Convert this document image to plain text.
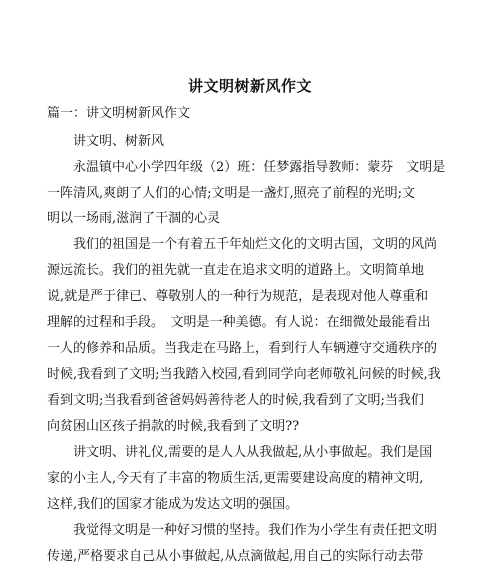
讲文明树新风作文
篇一：讲文明树新风作文
讲文明、树新风
永温镇中心小学四年级（2）班：任梦露指导教师：蒙芬　文明是
一阵清风,爽朗了人们的心情;文明是一盏灯,照亮了前程的光明;文
明以一场雨,滋润了干涸的心灵
我们的祖国是一个有着五千年灿烂文化的文明古国，文明的风尚
源远流长。我们的祖先就一直走在追求文明的道路上。文明简单地
说,就是严于律已、尊敬别人的一种行为规范，是表现对他人尊重和
理解的过程和手段。　文明是一种美德。有人说：在细微处最能看出
一人的修养和品质。当我走在马路上，看到行人车辆遵守交通秩序的
时候,我看到了文明;当我踏入校园,看到同学向老师敬礼问候的时候,我
看到文明;当我看到爸爸妈妈善待老人的时候,我看到了文明;当我们
向贫困山区孩子捐款的时候,我看到了文明??
讲文明、讲礼仪,需要的是人人从我做起,从小事做起。我们是国
家的小主人,今天有了丰富的物质生活,更需要建设高度的精神文明,
这样,我们的国家才能成为发达文明的强国。
我觉得文明是一种好习惯的坚持。我们作为小学生有责任把文明
传递,严格要求自己从小事做起,从点滴做起,用自己的实际行动去带
